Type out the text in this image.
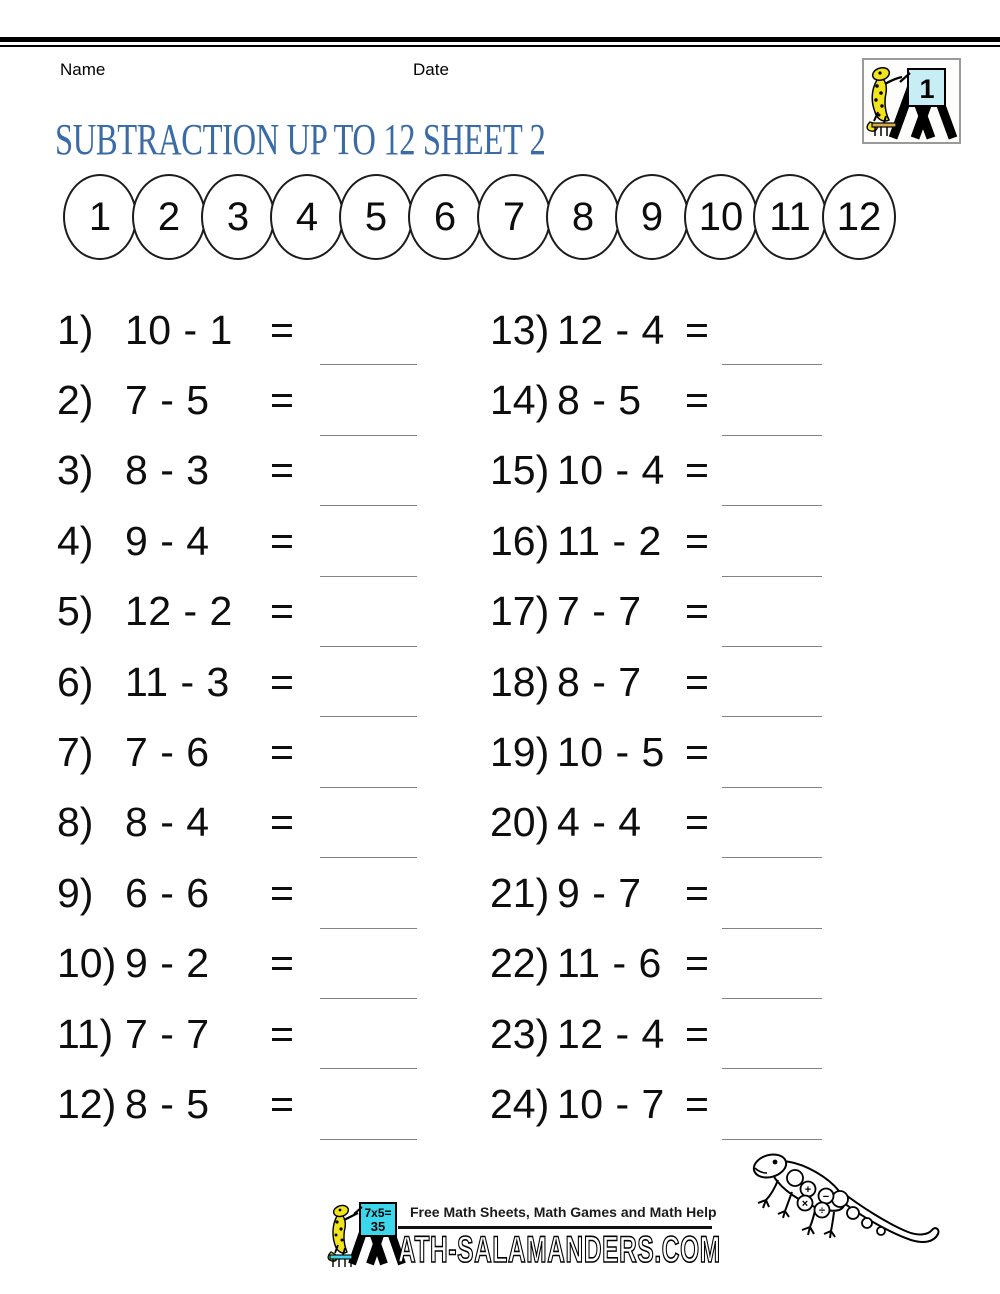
Name	Date
1
SUBTRACTION UP TO 12 SHEET 2
1 2 3 4 5 6 7 8 9 10 11 12
1) 10 - 1 =
2) 7 - 5	=
3) 8 - 3	=
4) 9 - 4	=
5) 12 - 2 =
6) 11 - 3 =
7) 7 - 6	=
8) 8 - 4	=
9) 6 - 6	=
10) 9 - 2	=
11) 7 - 7	=
12) 8 - 5	=
13) 12 - 4 =
14) 8 - 5	=
15) 10 - 4 =
16) 11 - 2 =
17) 7 - 7	=
18) 8 - 7	=
19) 10 - 5 =
20) 4 - 4	=
21) 9 - 7	=
22) 11 - 6 =
23) 12 - 4 =
24) 10 - 7 =
7x5=
35
Free Math Sheets, Math Games and Math Help
ATH-SALAMANDERS.COM
+
−
×
÷
